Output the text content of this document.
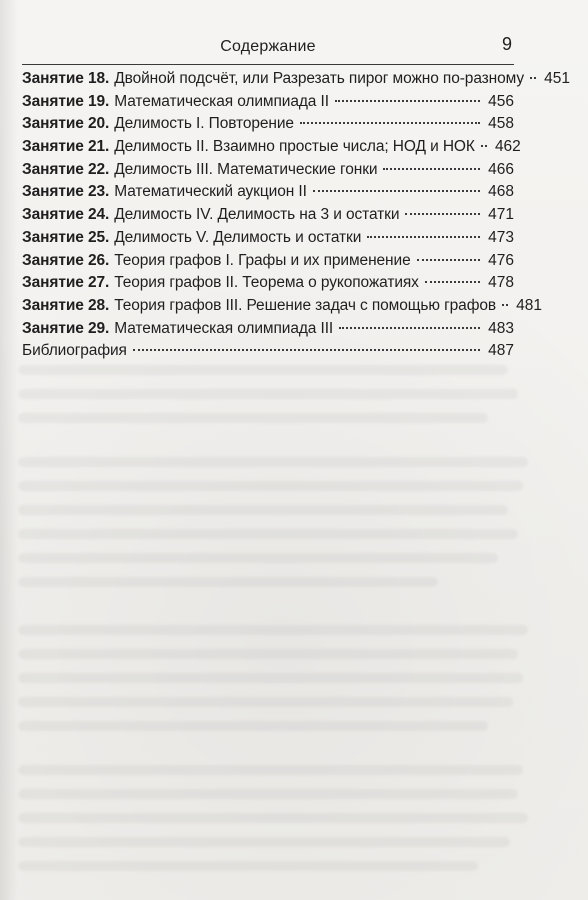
Содержание	9
Занятие 18. Двойной подсчёт, или Разрезать пирог можно по-разному 451
Занятие 19. Математическая олимпиада II	456
Занятие 20. Делимость I. Повторение	458
Занятие 21. Делимость II. Взаимно простые числа; НОД и НОК 462
Занятие 22. Делимость III. Математические гонки	466
Занятие 23. Математический аукцион II	468
Занятие 24. Делимость IV. Делимость на 3 и остатки	471
Занятие 25. Делимость V. Делимость и остатки	473
Занятие 26. Теория графов I. Графы и их применение	476
Занятие 27. Теория графов II. Теорема о рукопожатиях	478
Занятие 28. Теория графов III. Решение задач с помощью графов 481
Занятие 29. Математическая олимпиада III	483
Библиография	487
